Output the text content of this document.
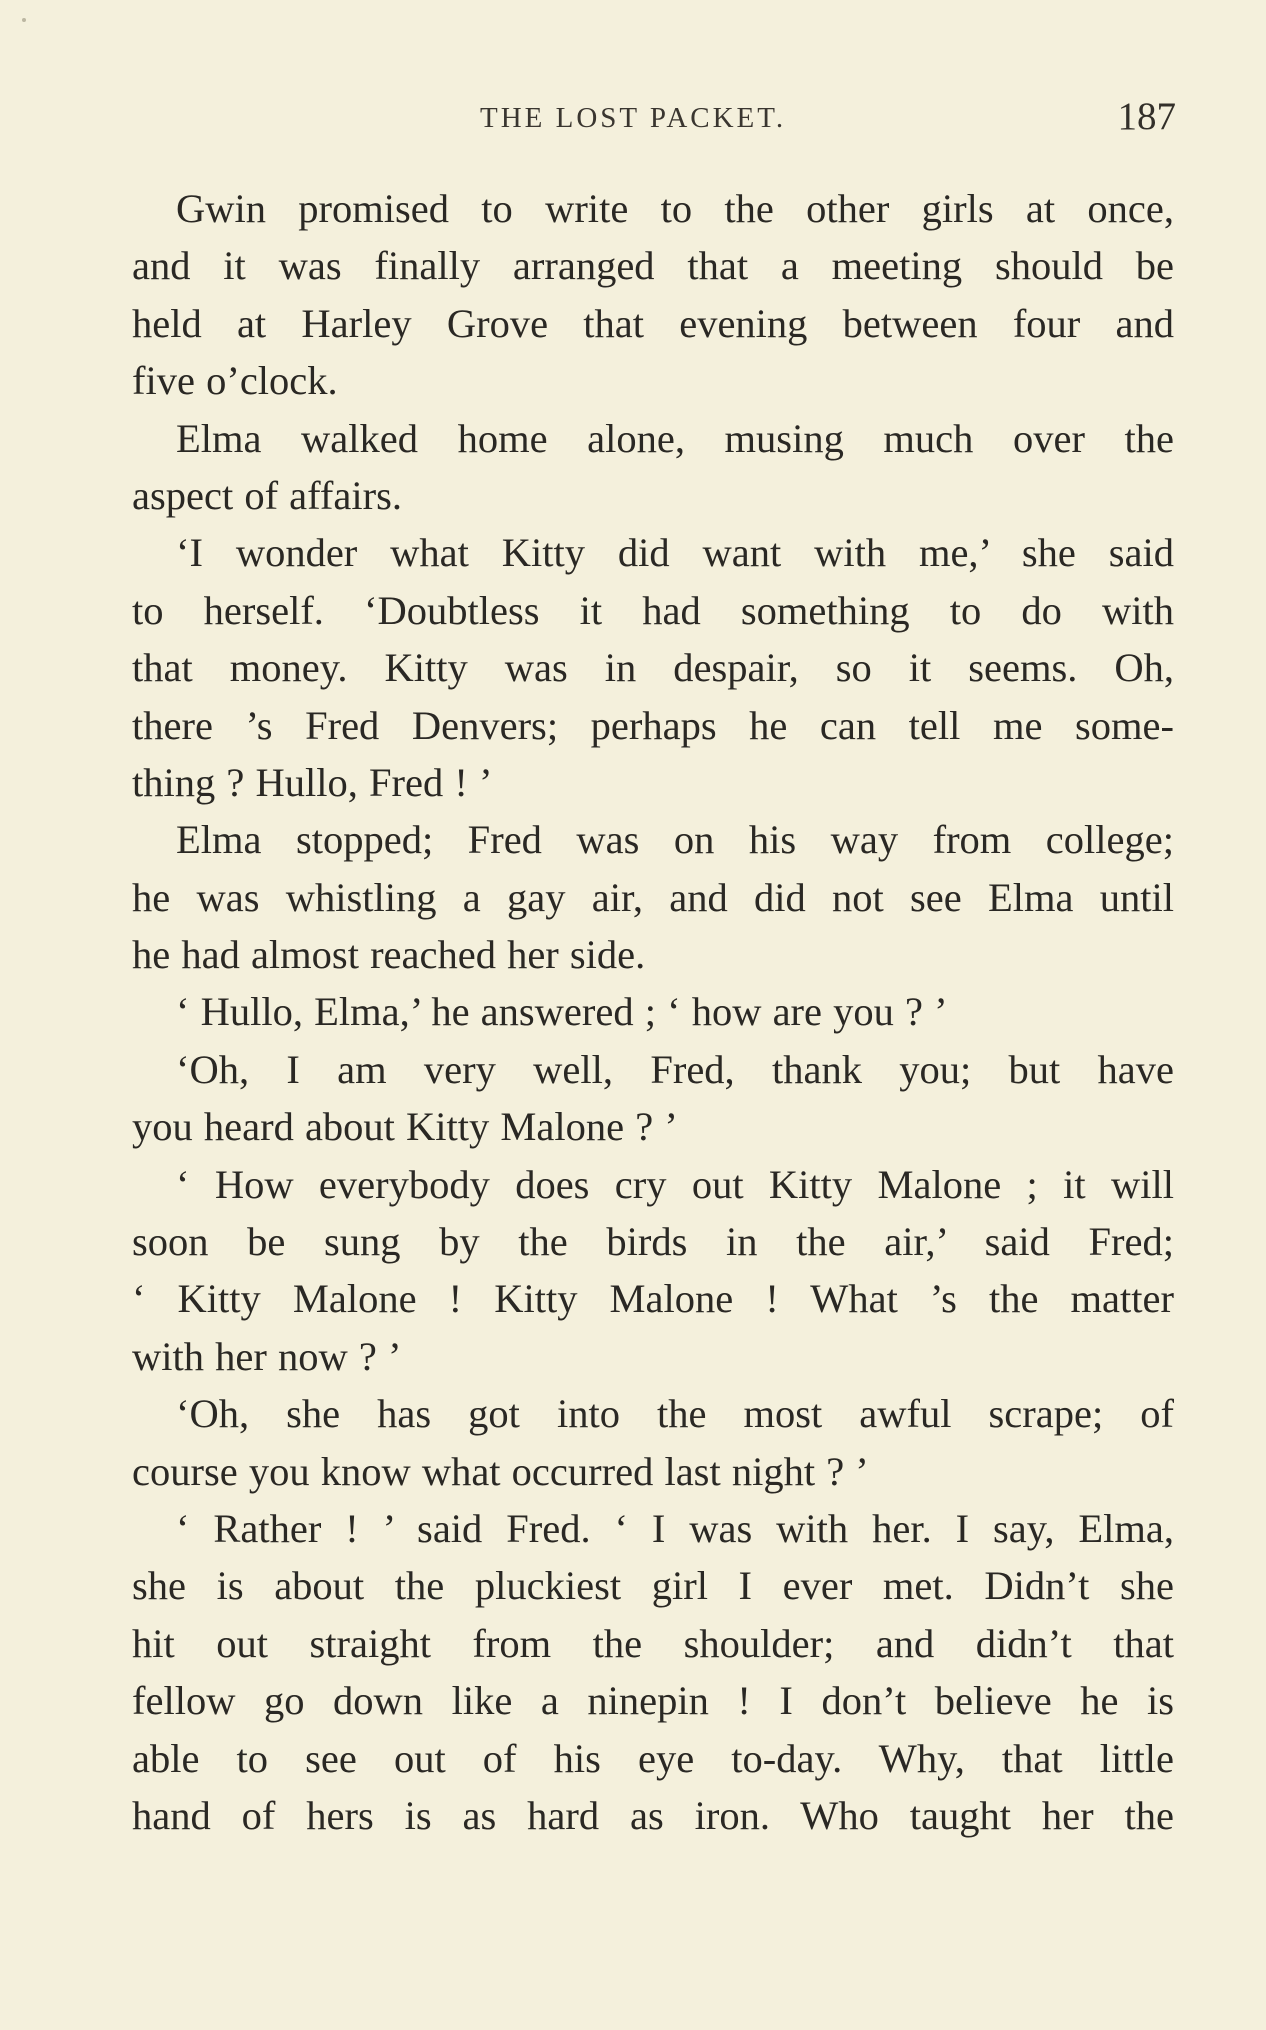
THE LOST PACKET.	187
Gwin promised to write to the other girls at once,
and it was finally arranged that a meeting should be
held at Harley Grove that evening between four and
five o’clock.
Elma walked home alone, musing much over the
aspect of affairs.
‘I wonder what Kitty did want with me,’ she said
to herself. ‘Doubtless it had something to do with
that money. Kitty was in despair, so it seems. Oh,
there ’s Fred Denvers; perhaps he can tell me some-
thing ? Hullo, Fred ! ’
Elma stopped; Fred was on his way from college;
he was whistling a gay air, and did not see Elma until
he had almost reached her side.
‘ Hullo, Elma,’ he answered ; ‘ how are you ? ’
‘Oh, I am very well, Fred, thank you; but have
you heard about Kitty Malone ? ’
‘ How everybody does cry out Kitty Malone ; it will
soon be sung by the birds in the air,’ said Fred;
‘ Kitty Malone ! Kitty Malone ! What ’s the matter
with her now ? ’
‘Oh, she has got into the most awful scrape; of
course you know what occurred last night ? ’
‘ Rather ! ’ said Fred. ‘ I was with her. I say, Elma,
she is about the pluckiest girl I ever met. Didn’t she
hit out straight from the shoulder; and didn’t that
fellow go down like a ninepin ! I don’t believe he is
able to see out of his eye to-day. Why, that little
hand of hers is as hard as iron. Who taught her the
